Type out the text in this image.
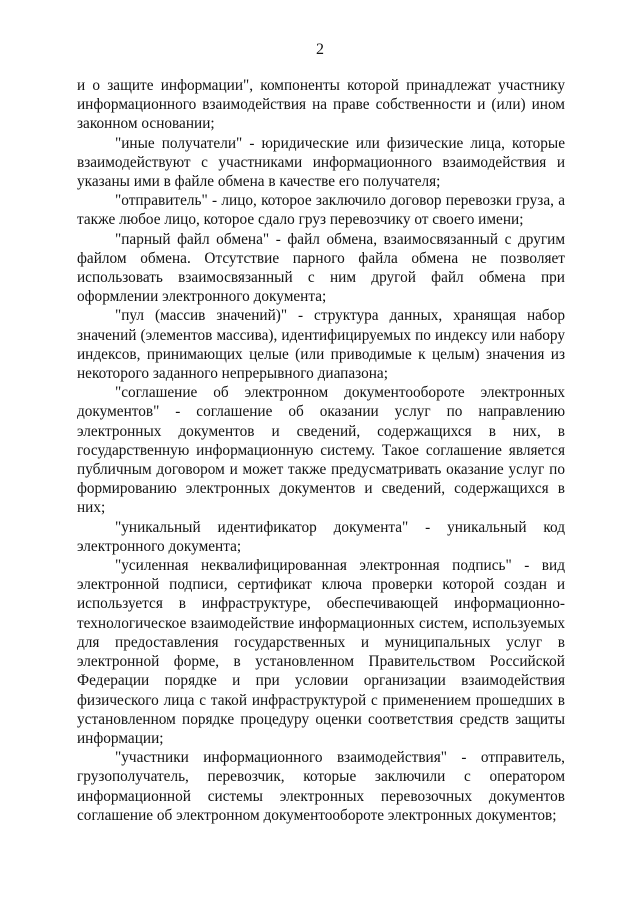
2

и о защите информации", компоненты которой принадлежат участнику информационного взаимодействия на праве собственности и (или) ином законном основании;

"иные получатели" - юридические или физические лица, которые взаимодействуют с участниками информационного взаимодействия и указаны ими в файле обмена в качестве его получателя;

"отправитель" - лицо, которое заключило договор перевозки груза, а также любое лицо, которое сдало груз перевозчику от своего имени;

"парный файл обмена" - файл обмена, взаимосвязанный с другим файлом обмена. Отсутствие парного файла обмена не позволяет использовать взаимосвязанный с ним другой файл обмена при оформлении электронного документа;

"пул (массив значений)" - структура данных, хранящая набор значений (элементов массива), идентифицируемых по индексу или набору индексов, принимающих целые (или приводимые к целым) значения из некоторого заданного непрерывного диапазона;

"соглашение об электронном документообороте электронных документов" - соглашение об оказании услуг по направлению электронных документов и сведений, содержащихся в них, в государственную информационную систему. Такое соглашение является публичным договором и может также предусматривать оказание услуг по формированию электронных документов и сведений, содержащихся в них;

"уникальный идентификатор документа" - уникальный код электронного документа;

"усиленная неквалифицированная электронная подпись" - вид электронной подписи, сертификат ключа проверки которой создан и используется в инфраструктуре, обеспечивающей информационно-технологическое взаимодействие информационных систем, используемых для предоставления государственных и муниципальных услуг в электронной форме, в установленном Правительством Российской Федерации порядке и при условии организации взаимодействия физического лица с такой инфраструктурой с применением прошедших в установленном порядке процедуру оценки соответствия средств защиты информации;

"участники информационного взаимодействия" - отправитель, грузополучатель, перевозчик, которые заключили с оператором информационной системы электронных перевозочных документов соглашение об электронном документообороте электронных документов;
